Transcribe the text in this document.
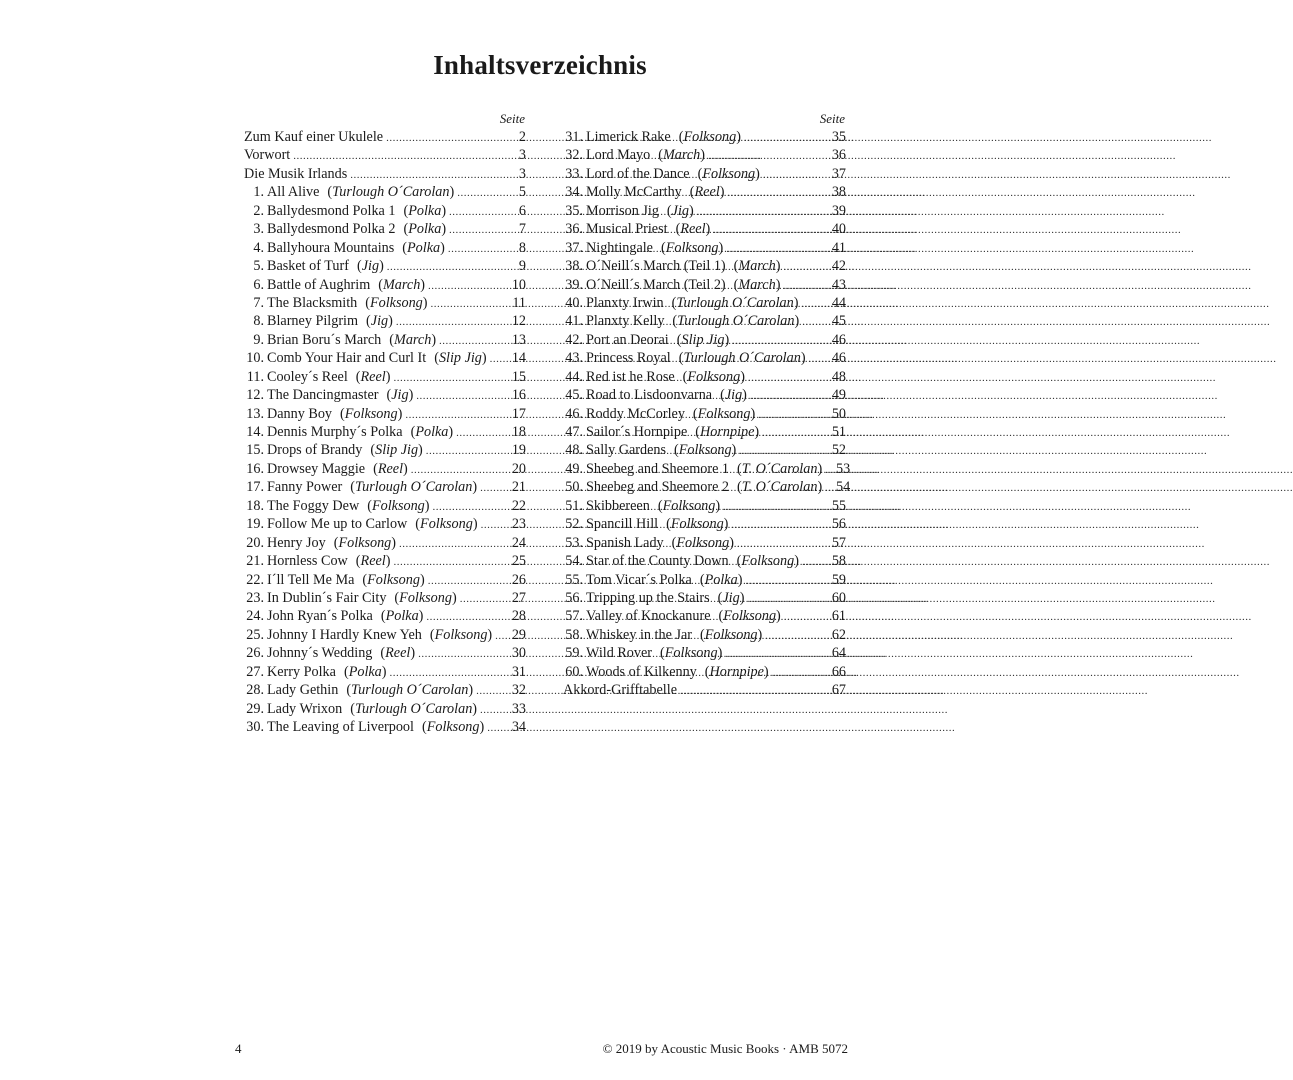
Inhaltsverzeichnis
Seite
Zum Kauf einer Ukulele .....	2
Vorwort .....	3
Die Musik Irlands .....	3
1. All Alive ( Turlough O´Carolan ) .....	5
2. Ballydesmond Polka 1 ( Polka ) .....	6
3. Ballydesmond Polka 2 ( Polka ) .....	7
4. Ballyhoura Mountains ( Polka ) .....	8
5. Basket of Turf ( Jig ) .....	9
6. Battle of Aughrim ( March ) .....	10
7. The Blacksmith ( Folksong ) .....	11
8. Blarney Pilgrim ( Jig ) .....	12
9. Brian Boru´s March ( March ) .....	13
10. Comb Your Hair and Curl It ( Slip Jig ) .....	14
11. Cooley´s Reel ( Reel ) .....	15
12. The Dancingmaster ( Jig ) .....	16
13. Danny Boy ( Folksong ) .....	17
14. Dennis Murphy´s Polka ( Polka ) .....	18
15. Drops of Brandy ( Slip Jig ) .....	19
16. Drowsey Maggie ( Reel ) .....	20
17. Fanny Power ( Turlough O´Carolan ) .....	21
18. The Foggy Dew ( Folksong ) .....	22
19. Follow Me up to Carlow ( Folksong ) .....	23
20. Henry Joy ( Folksong ) .....	24
21. Hornless Cow ( Reel ) .....	25
22. I´ll Tell Me Ma ( Folksong ) .....	26
23. In Dublin´s Fair City ( Folksong ) .....	27
24. John Ryan´s Polka ( Polka ) .....	28
25. Johnny I Hardly Knew Yeh ( Folksong ) .....	29
26. Johnny´s Wedding ( Reel ) .....	30
27. Kerry Polka ( Polka ) .....	31
28. Lady Gethin ( Turlough O´Carolan ) .....	32
29. Lady Wrixon ( Turlough O´Carolan ) .....	33
30. The Leaving of Liverpool ( Folksong ) .....	34
Seite
31. Limerick Rake ( Folksong ) .....	35
32. Lord Mayo ( March ) .....	36
33. Lord of the Dance ( Folksong ) .....	37
34. Molly McCarthy ( Reel ) .....	38
35. Morrison Jig ( Jig ) .....	39
36. Musical Priest ( Reel ) .....	40
37. Nightingale ( Folksong ) .....	41
38. O´Neill´s March (Teil 1) ( March ) .....	42
39. O´Neill´s March (Teil 2) ( March ) .....	43
40. Planxty Irwin ( Turlough O´Carolan ) .....	44
41. Planxty Kelly ( Turlough O´Carolan ) .....	45
42. Port an Deorai ( Slip Jig ) .....	46
43. Princess Royal ( Turlough O´Carolan ) .....	46
44. Red ist he Rose ( Folksong ) .....	48
45. Road to Lisdoonvarna ( Jig ) .....	49
46. Roddy McCorley ( Folksong ) .....	50
47. Sailor´s Hornpipe ( Hornpipe ) .....	51
48. Sally Gardens ( Folksong ) .....	52
49. Sheebeg and Sheemore 1 ( T. O´Carolan ) .....	53
50. Sheebeg and Sheemore 2 ( T. O´Carolan ) .....	54
51. Skibbereen ( Folksong ) .....	55
52. Spancill Hill ( Folksong ) .....	56
53. Spanish Lady ( Folksong ) .....	57
54. Star of the County Down ( Folksong ) .....	58
55. Tom Vicar´s Polka ( Polka ) .....	59
56. Tripping up the Stairs ( Jig ) .....	60
57. Valley of Knockanure ( Folksong ) .....	61
58. Whiskey in the Jar ( Folksong ) .....	62
59. Wild Rover ( Folksong ) .....	64
60. Woods of Kilkenny ( Hornpipe ) .....	66
Akkord-Grifftabelle .....	67
4	© 2019 by Acoustic Music Books · AMB 5072
